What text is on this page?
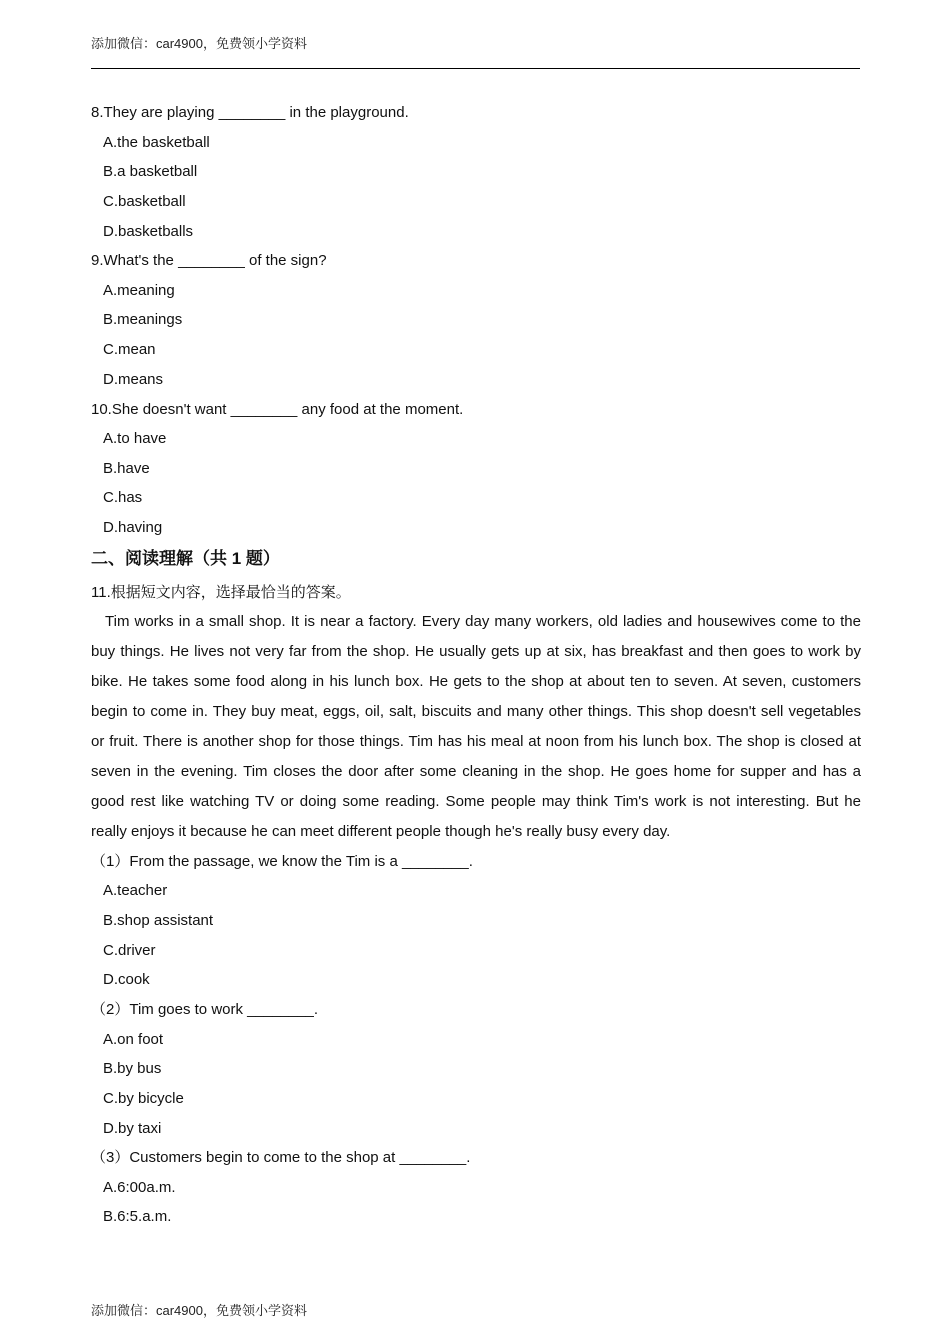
添加微信：car4900，免费领小学资料
8.They are playing ________ in the playground.
A.the basketball
B.a basketball
C.basketball
D.basketballs
9.What's the ________ of the sign?
A.meaning
B.meanings
C.mean
D.means
10.She doesn't want ________ any food at the moment.
A.to have
B.have
C.has
D.having
二、阅读理解（共 1 题）
11.根据短文内容，选择最恰当的答案。

Tim works in a small shop. It is near a factory. Every day many workers, old ladies and housewives come to the buy things. He lives not very far from the shop. He usually gets up at six, has breakfast and then goes to work by bike. He takes some food along in his lunch box. He gets to the shop at about ten to seven. At seven, customers begin to come in. They buy meat, eggs, oil, salt, biscuits and many other things. This shop doesn't sell vegetables or fruit. There is another shop for those things. Tim has his meal at noon from his lunch box. The shop is closed at seven in the evening. Tim closes the door after some cleaning in the shop. He goes home for supper and has a good rest like watching TV or doing some reading. Some people may think Tim's work is not interesting. But he really enjoys it because he can meet different people though he's really busy every day.

（1）From the passage, we know the Tim is a ________.
A.teacher
B.shop assistant
C.driver
D.cook
（2）Tim goes to work ________.
A.on foot
B.by bus
C.by bicycle
D.by taxi
（3）Customers begin to come to the shop at ________.
A.6:00a.m.
B.6:5.a.m.
添加微信：car4900，免费领小学资料
